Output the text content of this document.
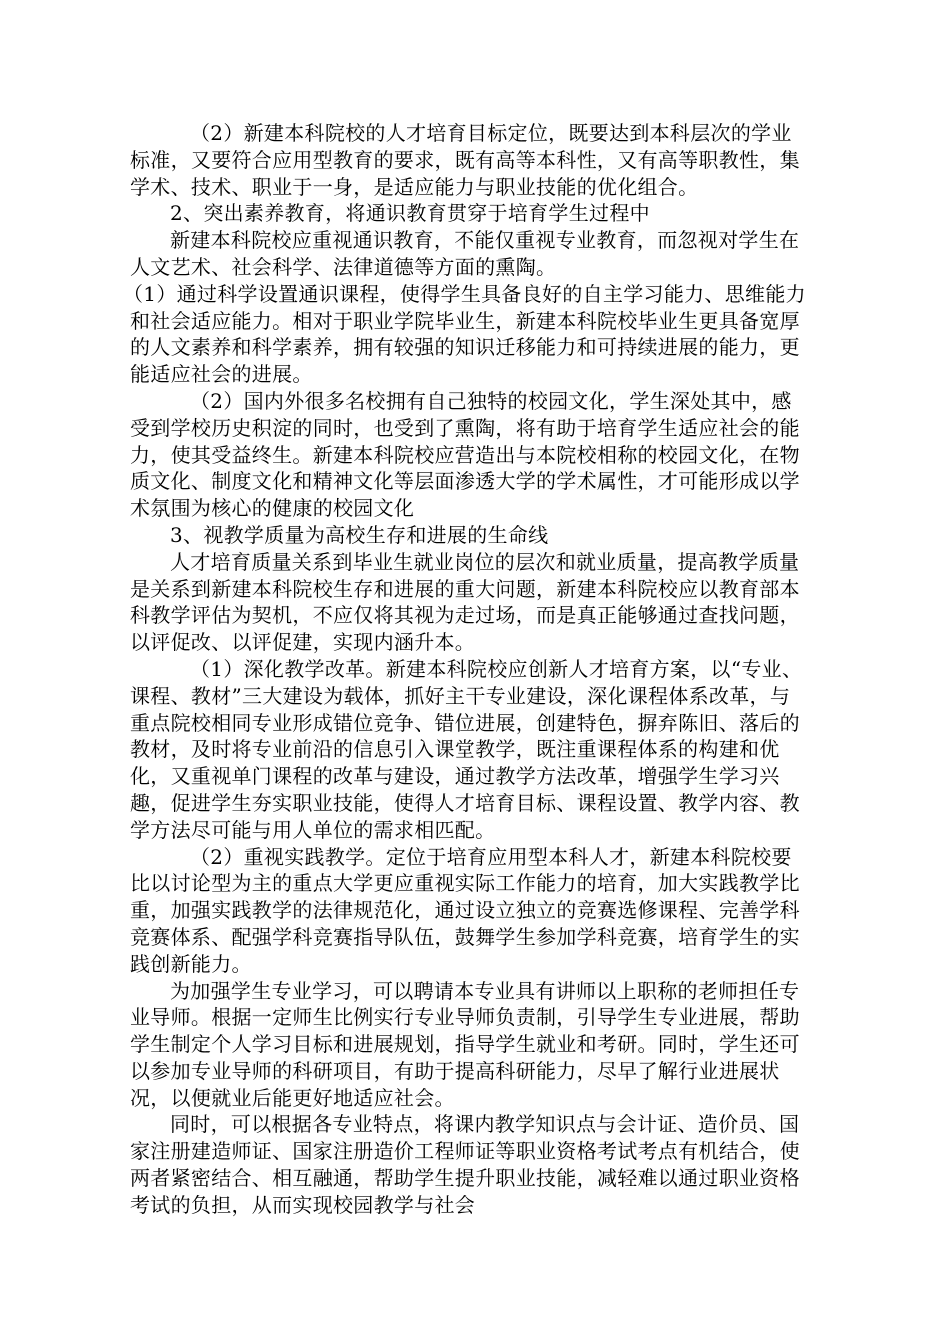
（2）新建本科院校的人才培育目标定位，既要达到本科层次的学业标准，又要符合应用型教育的要求，既有高等本科性，又有高等职教性，集学术、技术、职业于一身，是适应能力与职业技能的优化组合。

2、突出素养教育，将通识教育贯穿于培育学生过程中

新建本科院校应重视通识教育，不能仅重视专业教育，而忽视对学生在人文艺术、社会科学、法律道德等方面的熏陶。

（1）通过科学设置通识课程，使得学生具备良好的自主学习能力、思维能力和社会适应能力。相对于职业学院毕业生，新建本科院校毕业生更具备宽厚的人文素养和科学素养，拥有较强的知识迁移能力和可持续进展的能力，更能适应社会的进展。

（2）国内外很多名校拥有自己独特的校园文化，学生深处其中，感受到学校历史积淀的同时，也受到了熏陶，将有助于培育学生适应社会的能力，使其受益终生。新建本科院校应营造出与本院校相称的校园文化，在物质文化、制度文化和精神文化等层面渗透大学的学术属性，才可能形成以学术氛围为核心的健康的校园文化

3、视教学质量为高校生存和进展的生命线

人才培育质量关系到毕业生就业岗位的层次和就业质量，提高教学质量是关系到新建本科院校生存和进展的重大问题，新建本科院校应以教育部本科教学评估为契机，不应仅将其视为走过场，而是真正能够通过查找问题，以评促改、以评促建，实现内涵升本。

（1）深化教学改革。新建本科院校应创新人才培育方案，以“专业、课程、教材”三大建设为载体，抓好主干专业建设，深化课程体系改革，与重点院校相同专业形成错位竞争、错位进展，创建特色，摒弃陈旧、落后的教材，及时将专业前沿的信息引入课堂教学，既注重课程体系的构建和优化，又重视单门课程的改革与建设，通过教学方法改革，增强学生学习兴趣，促进学生夯实职业技能，使得人才培育目标、课程设置、教学内容、教学方法尽可能与用人单位的需求相匹配。

（2）重视实践教学。定位于培育应用型本科人才，新建本科院校要比以讨论型为主的重点大学更应重视实际工作能力的培育，加大实践教学比重，加强实践教学的法律规范化，通过设立独立的竞赛选修课程、完善学科竞赛体系、配强学科竞赛指导队伍，鼓舞学生参加学科竞赛，培育学生的实践创新能力。

为加强学生专业学习，可以聘请本专业具有讲师以上职称的老师担任专业导师。根据一定师生比例实行专业导师负责制，引导学生专业进展，帮助学生制定个人学习目标和进展规划，指导学生就业和考研。同时，学生还可以参加专业导师的科研项目，有助于提高科研能力，尽早了解行业进展状况，以便就业后能更好地适应社会。

同时，可以根据各专业特点，将课内教学知识点与会计证、造价员、国家注册建造师证、国家注册造价工程师证等职业资格考试考点有机结合，使两者紧密结合、相互融通，帮助学生提升职业技能，减轻难以通过职业资格考试的负担，从而实现校园教学与社会
